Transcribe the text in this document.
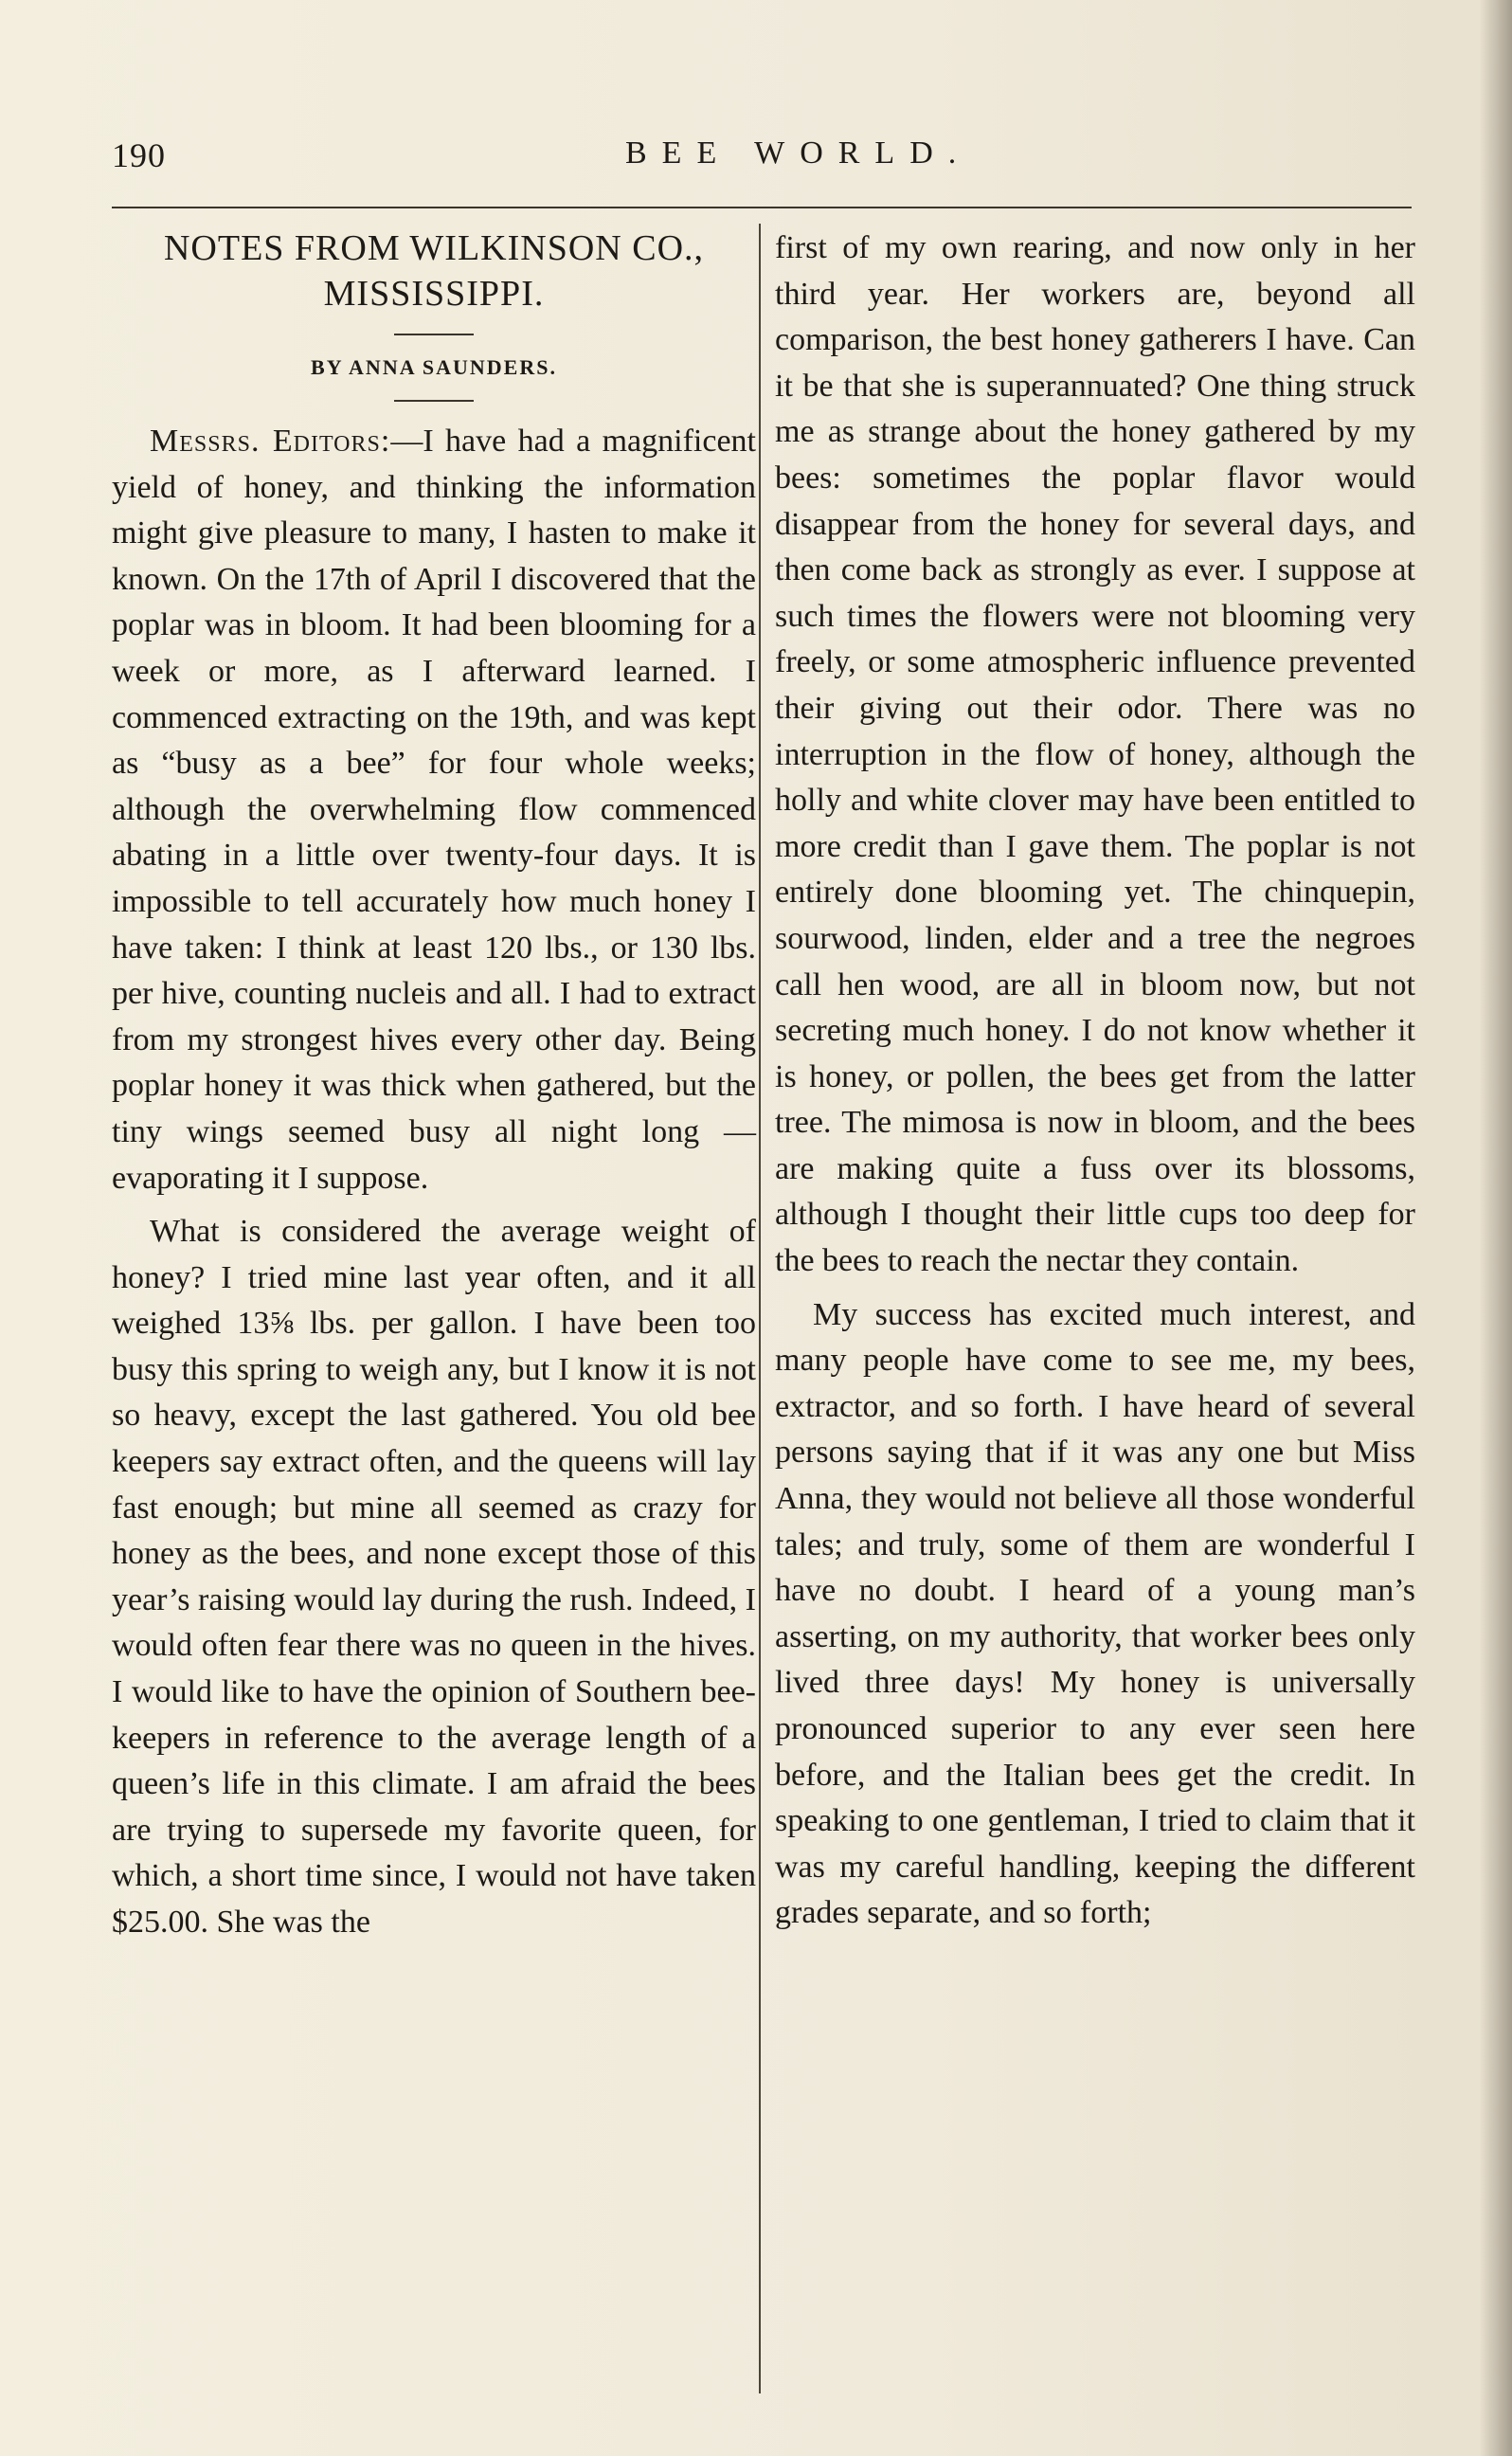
190	BEE WORLD.
NOTES FROM WILKINSON CO., MISSISSIPPI.
BY ANNA SAUNDERS.

Messrs. Editors:—I have had a magnificent yield of honey, and thinking the information might give pleasure to many, I hasten to make it known. On the 17th of April I discovered that the poplar was in bloom. It had been blooming for a week or more, as I afterward learned. I commenced extracting on the 19th, and was kept as “busy as a bee” for four whole weeks; although the overwhelming flow commenced abating in a little over twenty-four days. It is impossible to tell accurately how much honey I have taken: I think at least 120 lbs., or 130 lbs. per hive, counting nucleis and all. I had to extract from my strongest hives every other day. Being poplar honey it was thick when gathered, but the tiny wings seemed busy all night long —evaporating it I suppose.

What is considered the average weight of honey? I tried mine last year often, and it all weighed 13⅝ lbs. per gallon. I have been too busy this spring to weigh any, but I know it is not so heavy, except the last gathered. You old bee keepers say extract often, and the queens will lay fast enough; but mine all seemed as crazy for honey as the bees, and none except those of this year’s raising would lay during the rush. Indeed, I would often fear there was no queen in the hives. I would like to have the opinion of Southern bee-keepers in reference to the average length of a queen’s life in this climate. I am afraid the bees are trying to supersede my favorite queen, for which, a short time since, I would not have taken $25.00. She was the

first of my own rearing, and now only in her third year. Her workers are, beyond all comparison, the best honey gatherers I have. Can it be that she is superannuated? One thing struck me as strange about the honey gathered by my bees: sometimes the poplar flavor would disappear from the honey for several days, and then come back as strongly as ever. I suppose at such times the flowers were not blooming very freely, or some atmospheric influence prevented their giving out their odor. There was no interruption in the flow of honey, although the holly and white clover may have been entitled to more credit than I gave them. The poplar is not entirely done blooming yet. The chinquepin, sourwood, linden, elder and a tree the negroes call hen wood, are all in bloom now, but not secreting much honey. I do not know whether it is honey, or pollen, the bees get from the latter tree. The mimosa is now in bloom, and the bees are making quite a fuss over its blossoms, although I thought their little cups too deep for the bees to reach the nectar they contain.

My success has excited much interest, and many people have come to see me, my bees, extractor, and so forth. I have heard of several persons saying that if it was any one but Miss Anna, they would not believe all those wonderful tales; and truly, some of them are wonderful I have no doubt. I heard of a young man’s asserting, on my authority, that worker bees only lived three days! My honey is universally pronounced superior to any ever seen here before, and the Italian bees get the credit. In speaking to one gentleman, I tried to claim that it was my careful handling, keeping the different grades separate, and so forth;
